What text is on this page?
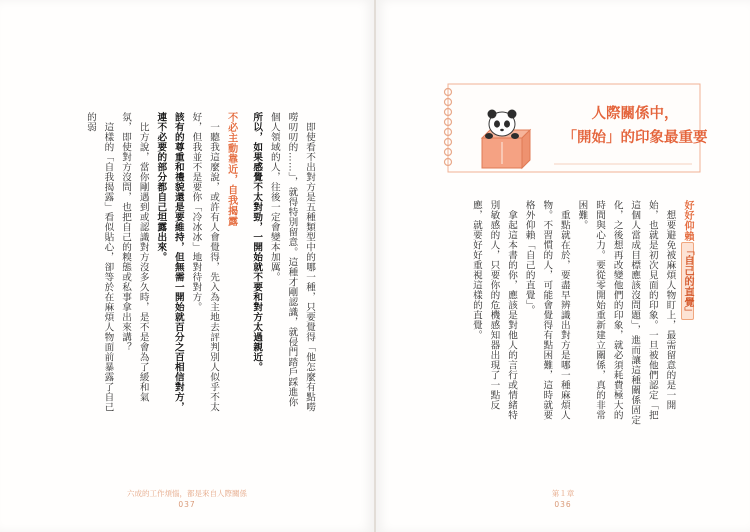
即使看不出對方是五種類型中的哪一種，只要覺得「他怎麼有點嘮嘮叨叨的……」，就得特別留意。這種才剛認識，就侵門踏戶踩進你個人領域的人，往後一定會變本加厲。

所以，如果感覺不太對勁，一開始就不要和對方太過親近。

不必主動靠近，自我揭露

一聽我這麼說，或許有人會覺得，先入為主地去評判別人似乎不太好，但我並不是要你「冷冰冰」地對待對方。

該有的尊重和禮貌還是要維持，但無需一開始就百分之百相信對方，連不必要的部分都自己坦露出來。

比方說，當你剛遇到或認識對方沒多久時，是不是會為了緩和氣氛，即使對方沒問，也把自己的糗態或私事拿出來講？

這樣的「自我揭露」看似貼心，卻等於在麻煩人物面前暴露了自己的弱

六成的工作煩惱，都是來自人際關係
037
人際關係中，
「開始」的印象最重要

好好仰賴「自己的直覺」

想要避免被麻煩人物盯上，最需留意的是一開始，也就是初次見面的印象。一旦被他們認定「把這個人當成目標應該沒問題」，進而讓這種關係固定化，之後想再改變他們的印象，就必須耗費極大的時間與心力。要從零開始重新建立關係，真的非常困難。

重點就在於，要盡早辨識出對方是哪一種麻煩人物。不習慣的人，可能會覺得有點困難，這時就要格外仰賴「自己的直覺」。

拿起這本書的你，應該是對他人的言行或情緒特別敏感的人，只要你的危機感知器出現了一點反應，就要好好重視這樣的直覺。

第１章
036
